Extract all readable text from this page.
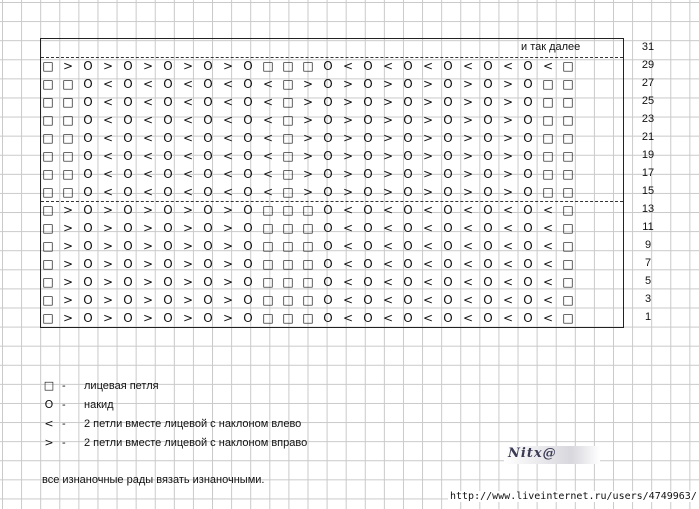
и так далее
□ > O > O > O > O > O □ □ □ O < O < O < O < O < O < □
□ □ O < O < O < O < O < □ > O > O > O > O > O > O □ □
□ □ O < O < O < O < O < □ > O > O > O > O > O > O □ □
□ □ O < O < O < O < O < □ > O > O > O > O > O > O □ □
□ □ O < O < O < O < O < □ > O > O > O > O > O > O □ □
□ □ O < O < O < O < O < □ > O > O > O > O > O > O □ □
□ □ O < O < O < O < O < □ > O > O > O > O > O > O □ □
□ □ O < O < O < O < O < □ > O > O > O > O > O > O □ □
□ > O > O > O > O > O □ □ □ O < O < O < O < O < O < □
□ > O > O > O > O > O □ □ □ O < O < O < O < O < O < □
□ > O > O > O > O > O □ □ □ O < O < O < O < O < O < □
□ > O > O > O > O > O □ □ □ O < O < O < O < O < O < □
□ > O > O > O > O > O □ □ □ O < O < O < O < O < O < □
□ > O > O > O > O > O □ □ □ O < O < O < O < O < O < □
□ > O > O > O > O > O □ □ □ O < O < O < O < O < O < □
31
29
27
25
23
21
19
17
15
13
11
9
7
5
3
1
□ - лицевая петля
O - накид
< - 2 петли вместе лицевой с наклоном влево
> - 2 петли вместе лицевой с наклоном вправо
все изнаночные рады вязать изнаночными.
Nitx@
http://www.liveinternet.ru/users/4749963/
